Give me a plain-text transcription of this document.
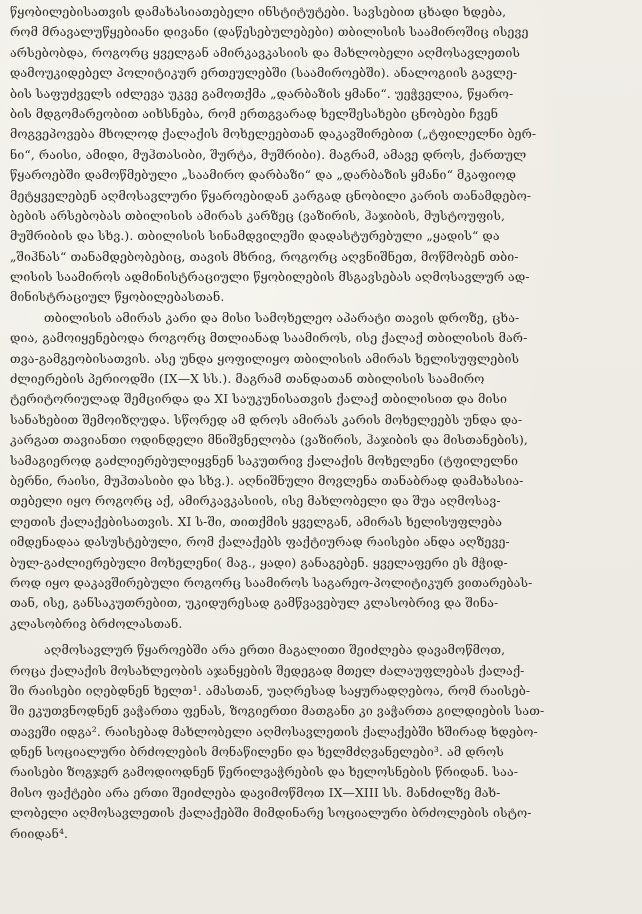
წყობილებისათვის დამახასიათებელი ინსტიტუტები. სავსებით ცხადი ხდება,
რომ მრავალუწყებიანი დივანი (დაწესებულებები) თბილისის საამიროშიც ისევე
არსებობდა, როგორც ყველგან ამირკავკასიის და მახლობელი აღმოსავლეთის
დამოუკიდებელ პოლიტიკურ ერთეულებში (საამიროებში). ანალოგიის გავლე-
ბის საფუძველს იძლევა უკვე გამოთქმა „დარბაზის ყმანი“. უეჭველია, წყარო-
ბის მდგომარეობით აიხსნება, რომ ერთგვარად ხელშესახები ცნობები ჩვენ
მოგვეპოვება მხოლოდ ქალაქის მოხელეებთან დაკავშირებით („ტფილელნი ბერ-
ნი“, რაისი, ამიდი, მუჰთასიბი, შურტა, მუშრიბი). მაგრამ, ამავე დროს, ქართულ
წყაროებში დამოწმებული „საამირო დარბაზი“ და „დარბაზის ყმანი“ მკაფიოდ
მეტყველებენ აღმოსავლური წყაროებიდან კარგად ცნობილი კარის თანამდებო-
ბების არსებობას თბილისის ამირას კარზეც (ვაზირის, ჰაჯიბის, მუსტოუფის,
მუშრიბის და სხვ.). თბილისის სინამდვილეში დადასტურებული „ყადის“ და
„შიჰნას“ თანამდებობებიც, თავის მხრივ, როგორც აღვნიშნეთ, მოწმობენ თბი-
ლისის საამიროს ადმინისტრაციული წყობილების მსგავსებას აღმოსავლურ ად-
მინისტრაციულ წყობილებასთან.
თბილისის ამირას კარი და მისი სამოხელეო აპარატი თავის დროზე, ცხა-
დია, გამოიყენებოდა როგორც მთლიანად საამიროს, ისე ქალაქ თბილისის მარ-
თვა-გამგეობისათვის. ასე უნდა ყოფილიყო თბილისის ამირას ხელისუფლების
ძლიერების პერიოდში (IX—X სს.). მაგრამ თანდათან თბილისის საამირო
ტერიტორიულად შემცირდა და XI საუკუნისათვის ქალაქ თბილისით და მისი
სანახებით შემოიზღუდა. სწორედ ამ დროს ამირას კარის მოხელეებს უნდა და-
კარგათ თავიანთი ოდინდელი მნიშვნელობა (ვაზირის, ჰაჯიბის და მისთანების),
სამაგიეროდ გაძლიერებულიყვნენ საკუთრივ ქალაქის მოხელენი (ტფილელნი
ბერნი, რაისი, მუჰთასიბი და სხვ.). აღნიშნული მოვლენა თანაბრად დამახასია-
თებელი იყო როგორც აქ, ამირკავკასიის, ისე მახლობელი და შუა აღმოსავ-
ლეთის ქალაქებისათვის. XI ს-ში, თითქმის ყველგან, ამირას ხელისუფლება
იმდენადაა დასუსტებული, რომ ქალაქებს ფაქტიურად რაისები ანდა აღზევე-
ბულ-გაძლიერებული მოხელენი( მაგ., ყადი) განაგებენ. ყველაფერი ეს მჭიდ-
როდ იყო დაკავშირებული როგორც საამიროს საგარეო-პოლიტიკურ ვითარებას-
თან, ისე, განსაკუთრებით, უკიდურესად გამწვავებულ კლასობრივ და შინა-
კლასობრივ ბრძოლასთან.
აღმოსავლურ წყაროებში არა ერთი მაგალითი შეიძლება დავამოწმოთ,
როცა ქალაქის მოსახლეობის აჯანყების შედეგად მთელ ძალაუფლებას ქალაქ-
ში რაისები იღებდნენ ხელთ¹. ამასთან, უაღრესად საყურადღებოა, რომ რაისებ-
ში ეკუთვნოდნენ ვაჭართა ფენას, ზოგიერთი მათგანი კი ვაჭართა გილდიების სათ-
თავეში იდგა². რაისებად მახლობელი აღმოსავლეთის ქალაქებში ხშირად ხდებო-
დნენ სოციალური ბრძოლების მონაწილენი და ხელმძღვანელები³. ამ დროს
რაისები ზოგჯერ გამოდიოდნენ წერილვაჭრების და ხელოსნების წრიდან. საა-
მისო ფაქტები არა ერთი შეიძლება დავიმოწმოთ IX—XIII სს. მანძილზე მახ-
ლობელი აღმოსავლეთის ქალაქებში მიმდინარე სოციალური ბრძოლების ისტო-
რიიდან⁴.
